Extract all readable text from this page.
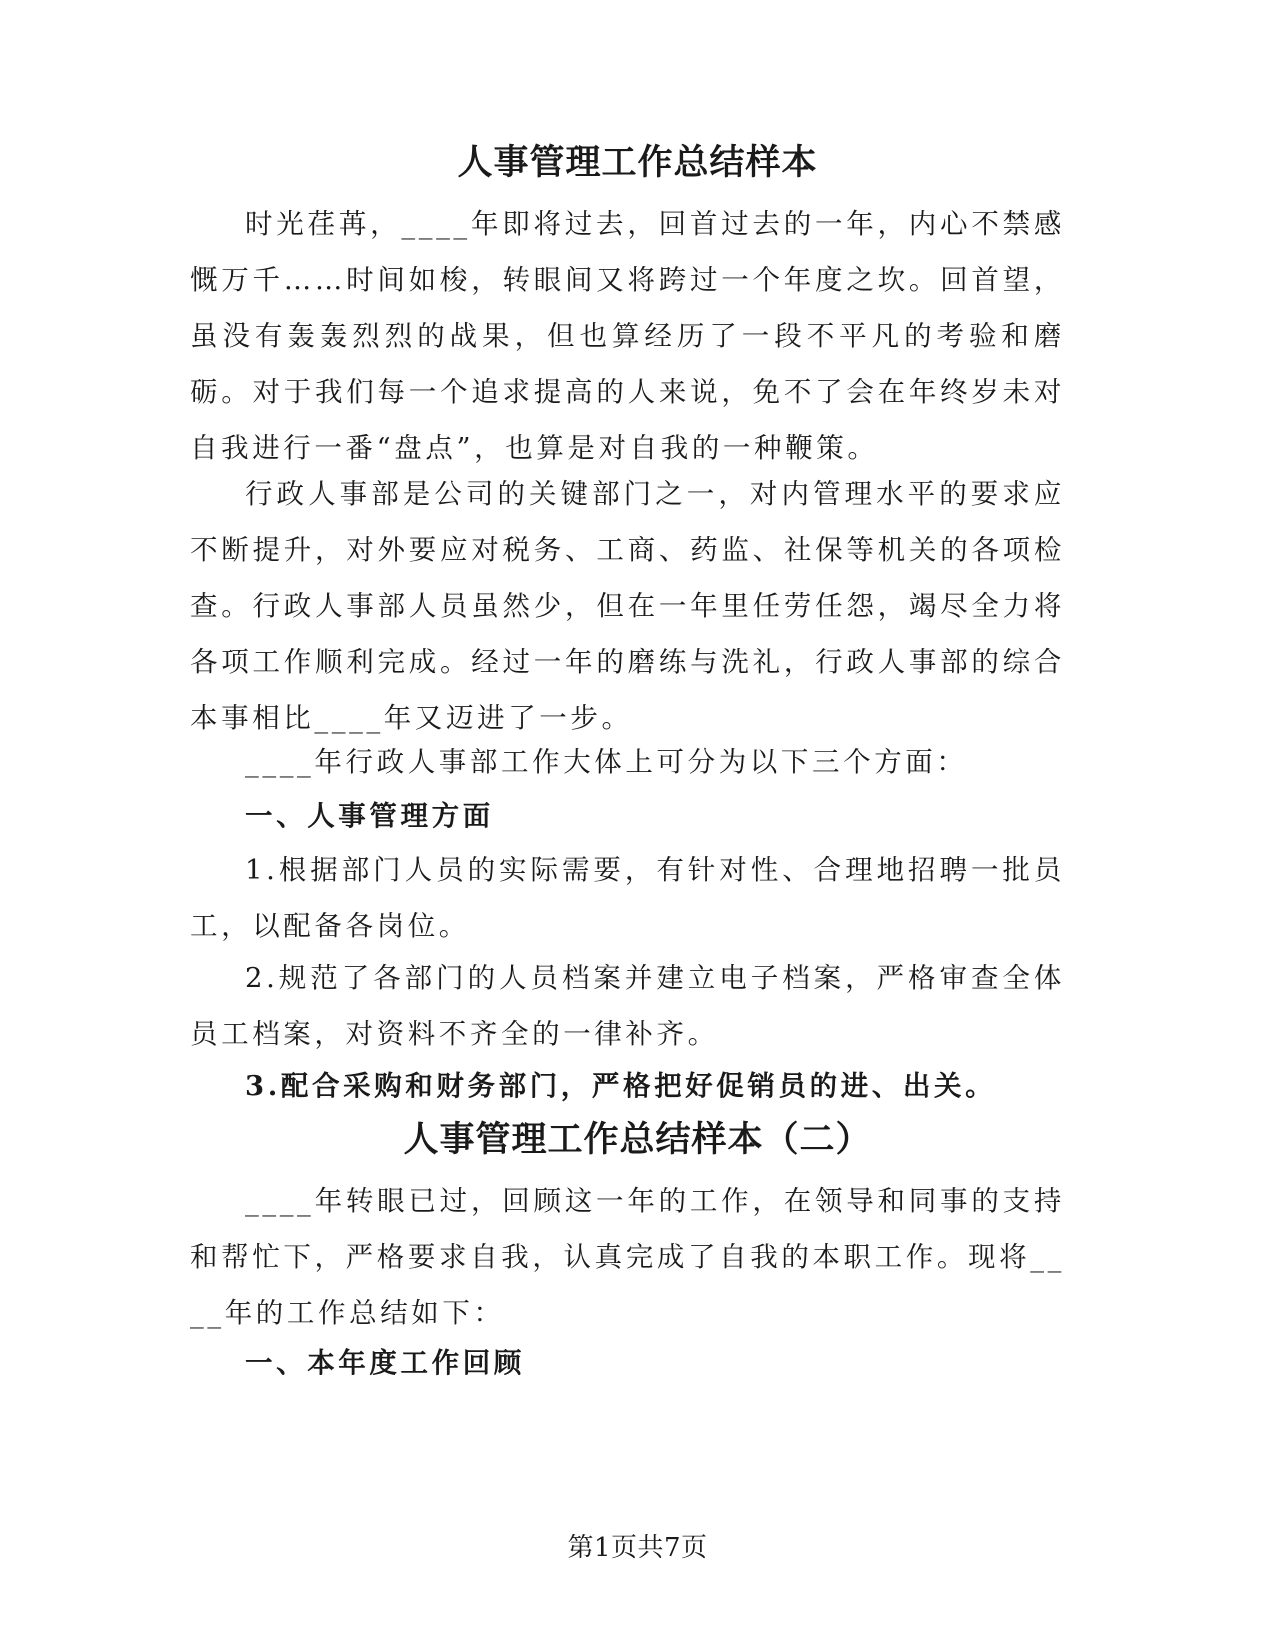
人事管理工作总结样本
时光荏苒，____年即将过去，回首过去的一年，内心不禁感慨万千……时间如梭，转眼间又将跨过一个年度之坎。回首望，虽没有轰轰烈烈的战果，但也算经历了一段不平凡的考验和磨砺。对于我们每一个追求提高的人来说，免不了会在年终岁未对自我进行一番“盘点”，也算是对自我的一种鞭策。
行政人事部是公司的关键部门之一，对内管理水平的要求应不断提升，对外要应对税务、工商、药监、社保等机关的各项检查。行政人事部人员虽然少，但在一年里任劳任怨，竭尽全力将各项工作顺利完成。经过一年的磨练与洗礼，行政人事部的综合本事相比____年又迈进了一步。
____年行政人事部工作大体上可分为以下三个方面：
一、人事管理方面
1.根据部门人员的实际需要，有针对性、合理地招聘一批员工，以配备各岗位。
2.规范了各部门的人员档案并建立电子档案，严格审查全体员工档案，对资料不齐全的一律补齐。
3.配合采购和财务部门，严格把好促销员的进、出关。
人事管理工作总结样本（二）
____年转眼已过，回顾这一年的工作，在领导和同事的支持和帮忙下，严格要求自我，认真完成了自我的本职工作。现将____年的工作总结如下：
一、本年度工作回顾
第1页共7页
